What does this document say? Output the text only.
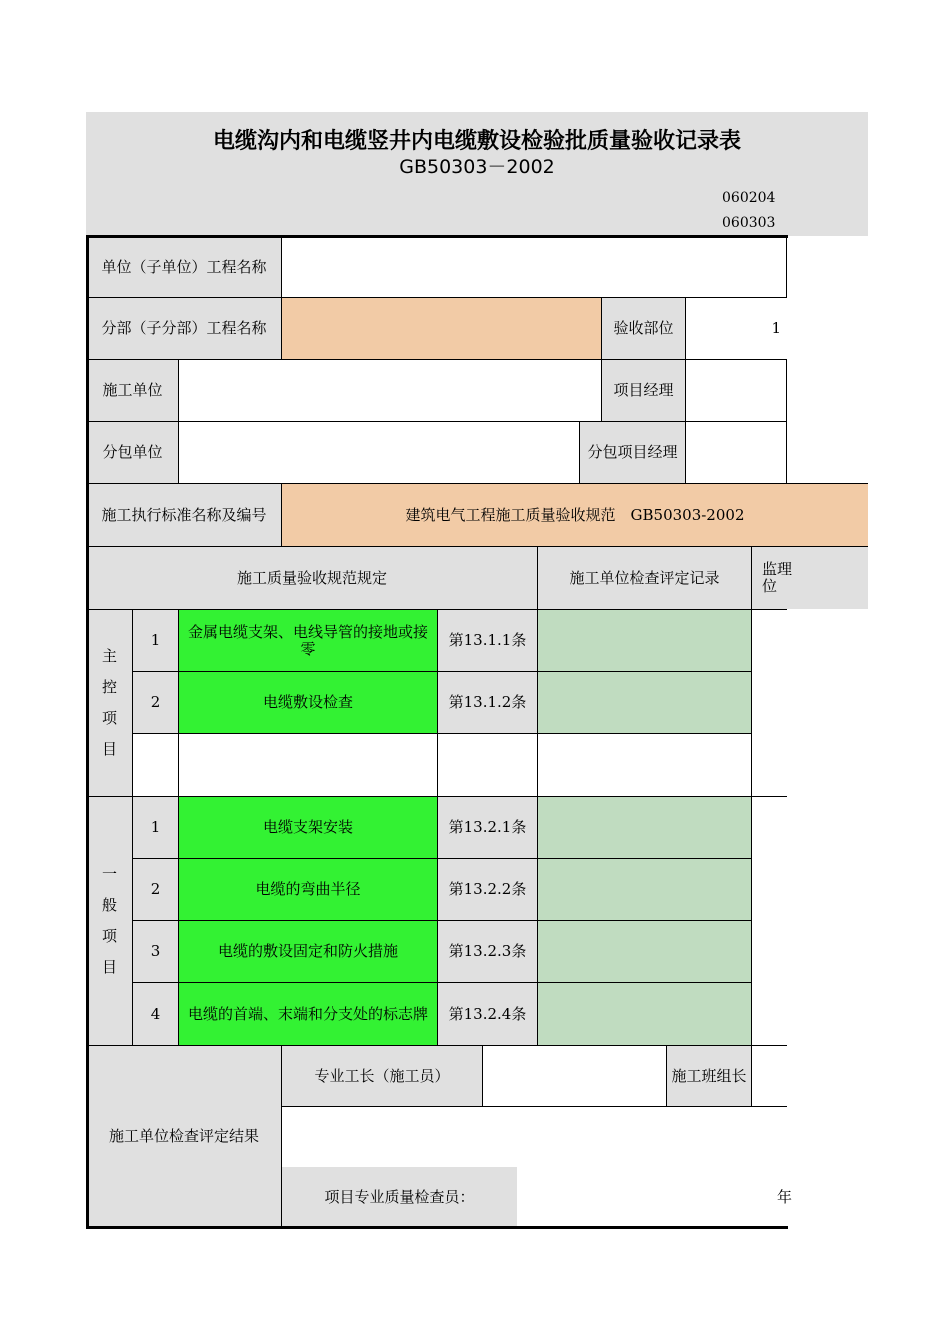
电缆沟内和电缆竖井内电缆敷设检验批质量验收记录表
GB50303－2002
060204
060303
单位（子单位）工程名称
分部（子分部）工程名称	验收部位	1
施工单位	项目经理
分包单位	分包项目经理
施工执行标准名称及编号	建筑电气工程施工质量验收规范　GB50303-2002
施工质量验收规范规定	施工单位检查评定记录	监理
位
主
控
项
目
1	金属电缆支架、电线导管的接地或接零	第13.1.1条
2	电缆敷设检查	第13.1.2条
一
般
项
目
1	电缆支架安装	第13.2.1条
2	电缆的弯曲半径	第13.2.2条
3	电缆的敷设固定和防火措施	第13.2.3条
4	电缆的首端、末端和分支处的标志牌	第13.2.4条
施工单位检查评定结果
专业工长（施工员）	施工班组长
项目专业质量检查员：	年
